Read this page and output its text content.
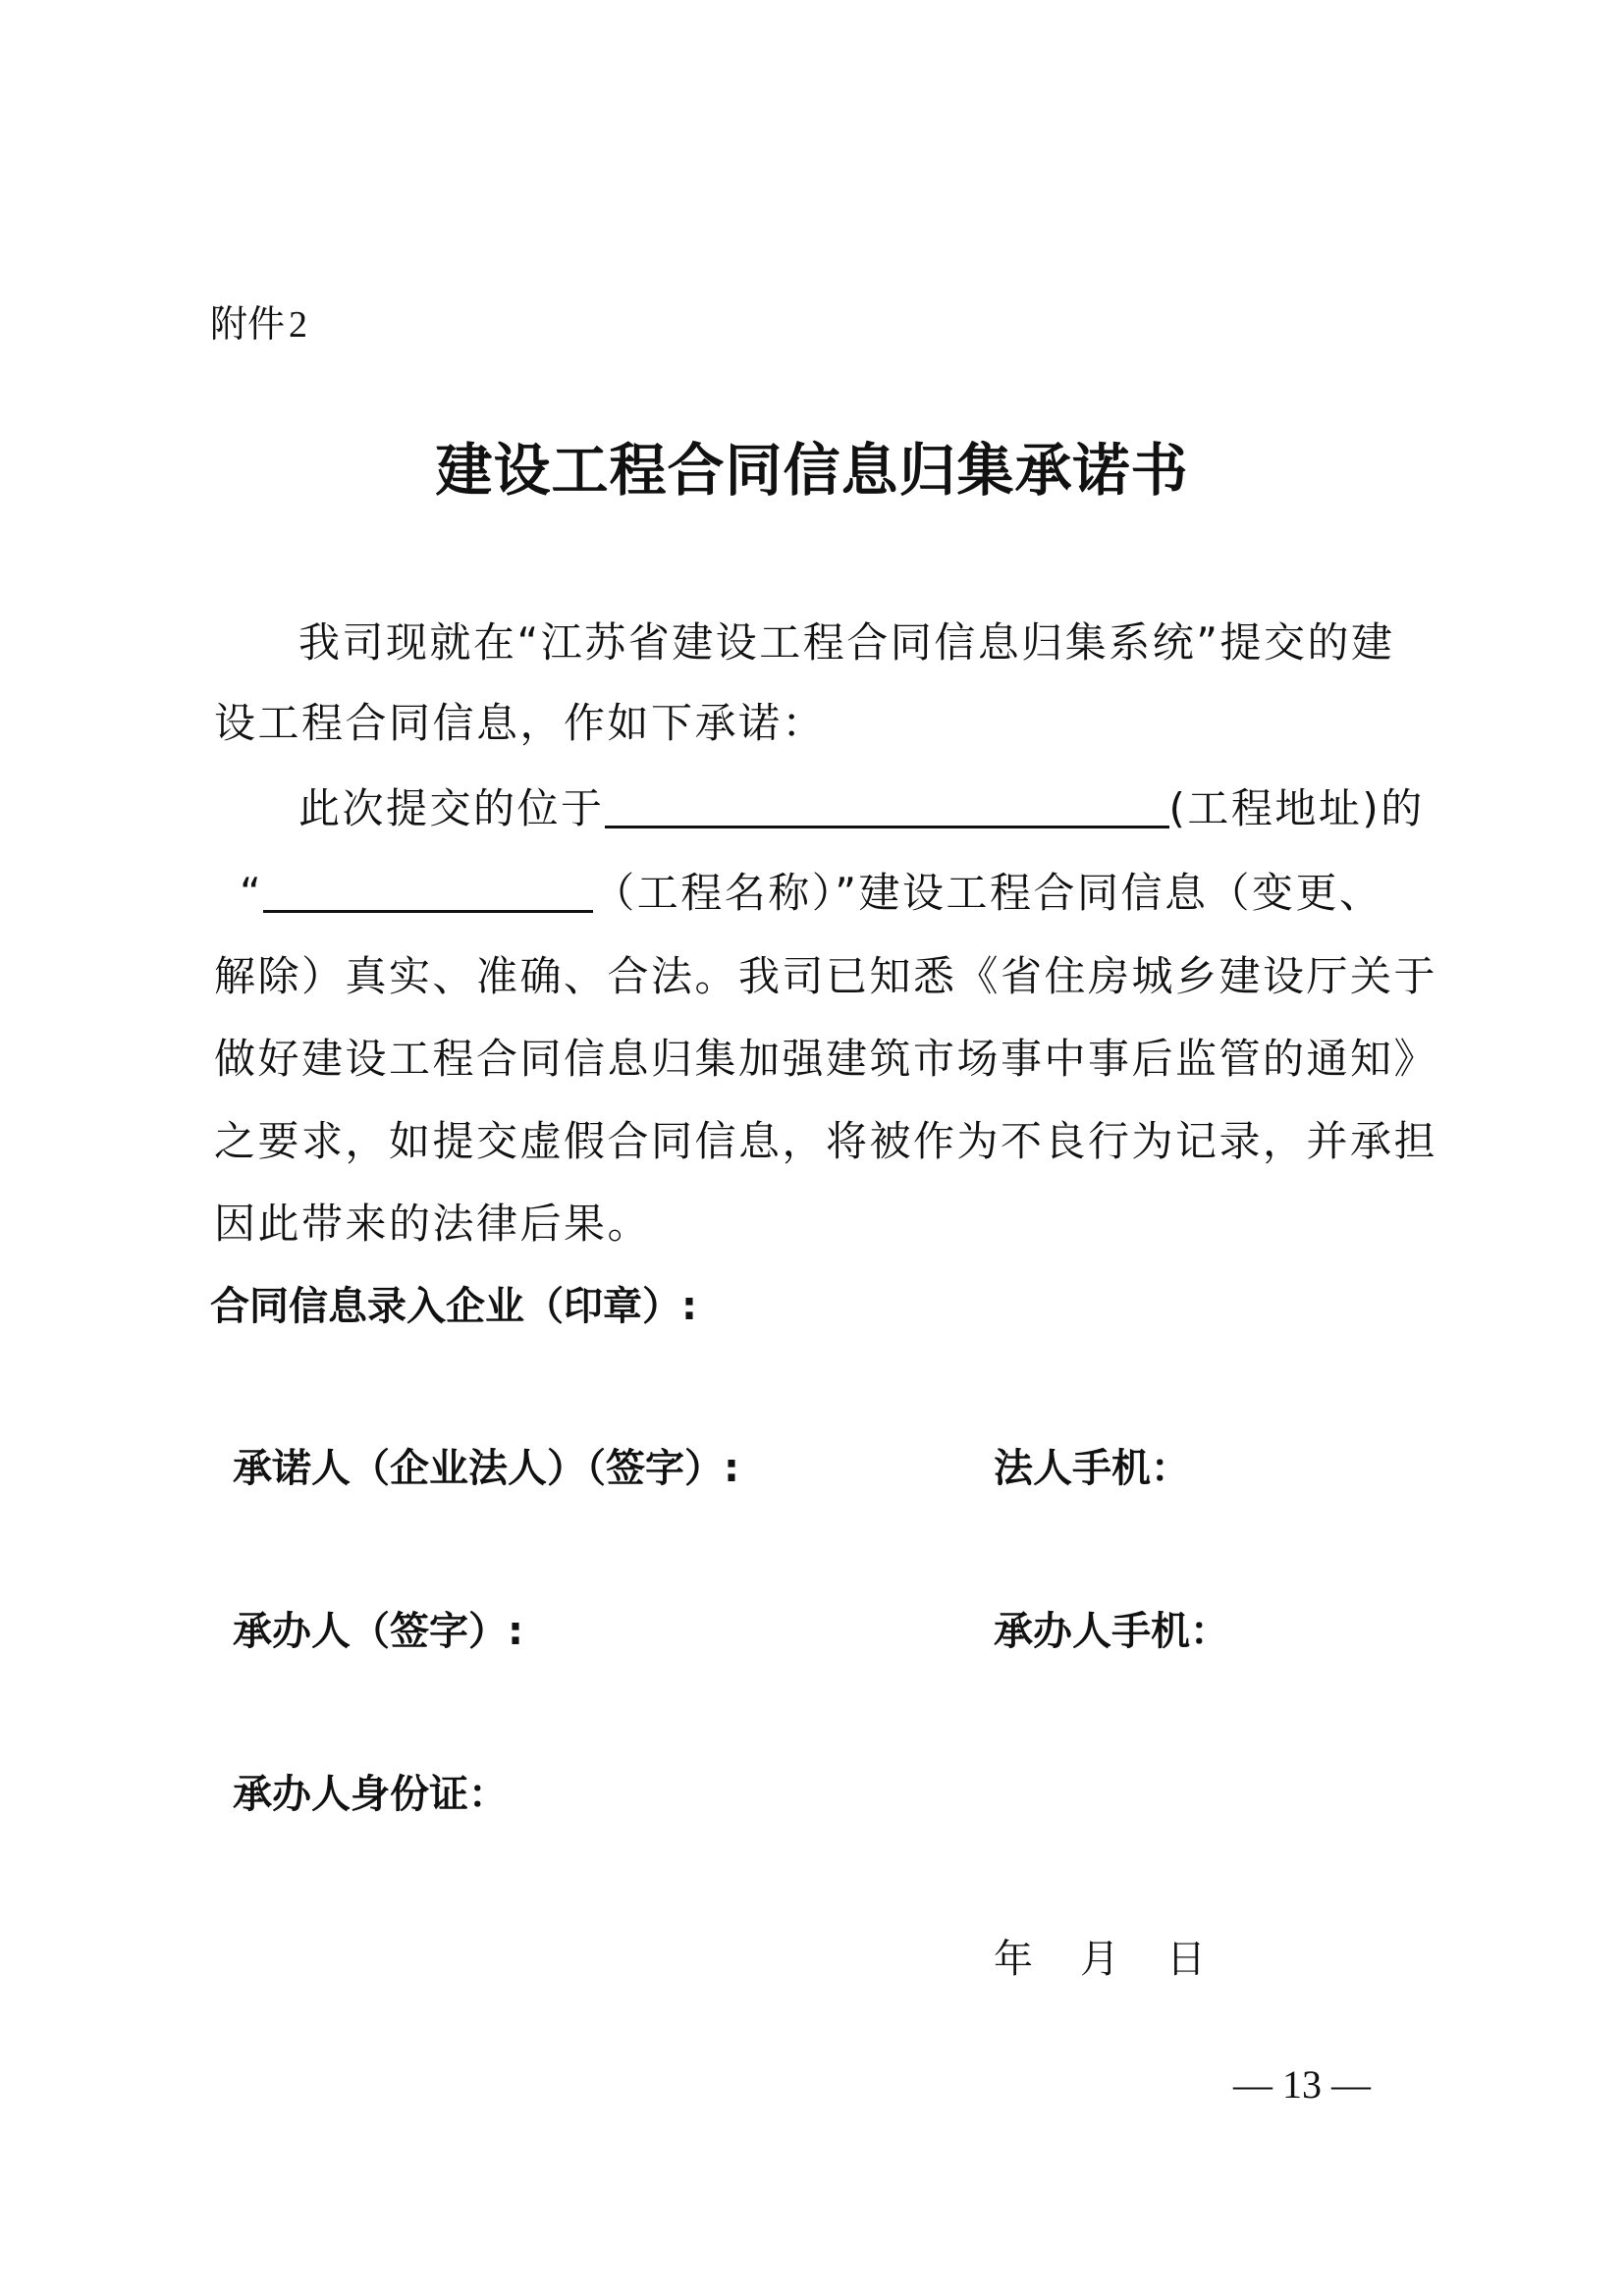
附件 2
建设工程合同信息归集承诺书
我司现就在“江苏省建设工程合同信息归集系统”提交的建
设工程合同信息，作如下承诺：
此次提交的位于	(工程地址)的
“	（工程名称）”建设工程合同信息（变更、
解除）真实、准确、合法。我司已知悉《省住房城乡建设厅关于
做好建设工程合同信息归集加强建筑市场事中事后监管的通知》
之要求，如提交虚假合同信息，将被作为不良行为记录，并承担
因此带来的法律后果。
合同信息录入企业（印章）:
承诺人（企业法人）（签字）:	法人手机：
承办人（签字）:	承办人手机：
承办人身份证：
年 月 日
— 13 —
